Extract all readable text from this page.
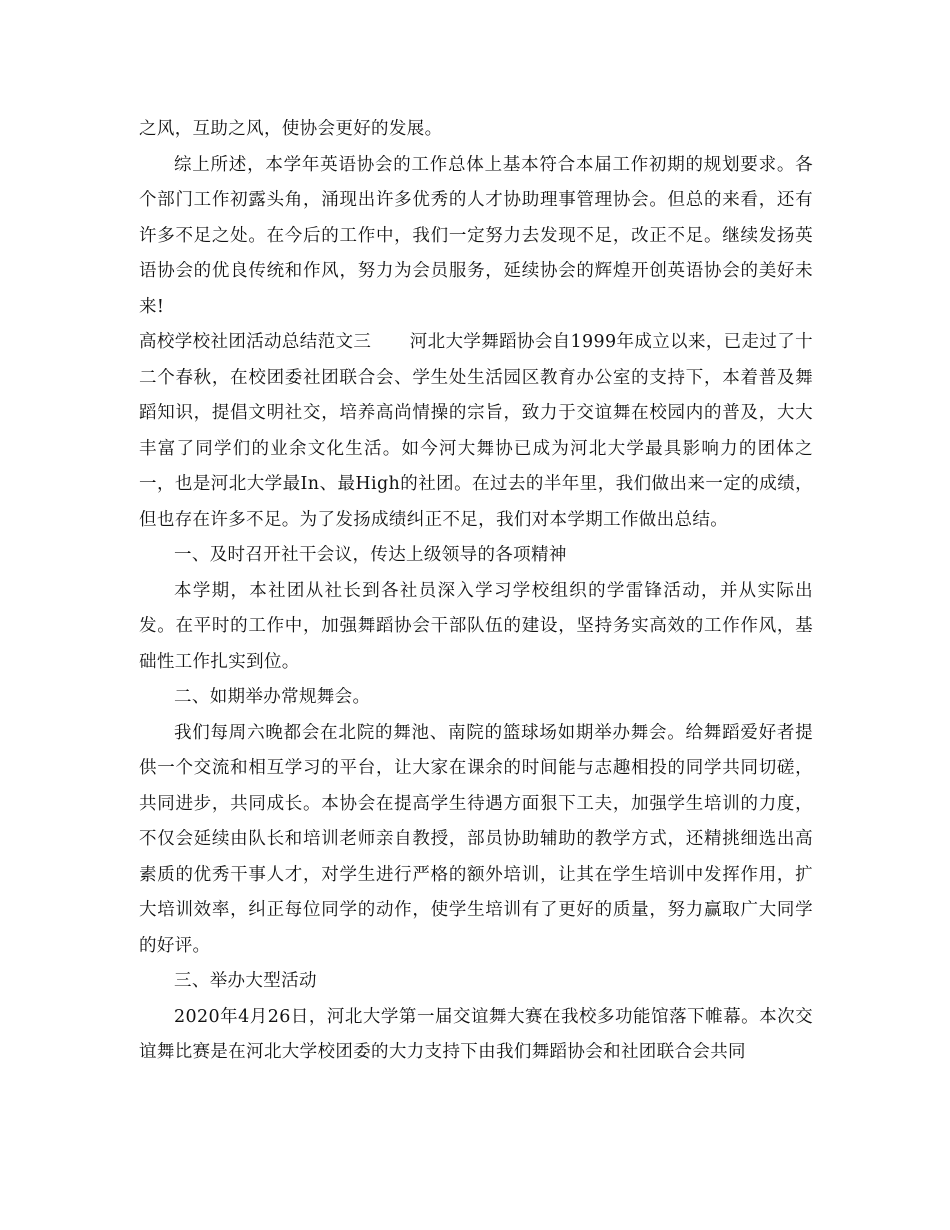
之风，互助之风，使协会更好的发展。

综上所述，本学年英语协会的工作总体上基本符合本届工作初期的规划要求。各个部门工作初露头角，涌现出许多优秀的人才协助理事管理协会。但总的来看，还有许多不足之处。在今后的工作中，我们一定努力去发现不足，改正不足。继续发扬英语协会的优良传统和作风，努力为会员服务，延续协会的辉煌开创英语协会的美好未来!

高校学校社团活动总结范文三 河北大学舞蹈协会自1999年成立以来，已走过了十二个春秋，在校团委社团联合会、学生处生活园区教育办公室的支持下，本着普及舞蹈知识，提倡文明社交，培养高尚情操的宗旨，致力于交谊舞在校园内的普及，大大丰富了同学们的业余文化生活。如今河大舞协已成为河北大学最具影响力的团体之一，也是河北大学最In、最High的社团。在过去的半年里，我们做出来一定的成绩，但也存在许多不足。为了发扬成绩纠正不足，我们对本学期工作做出总结。

一、及时召开社干会议，传达上级领导的各项精神

本学期，本社团从社长到各社员深入学习学校组织的学雷锋活动，并从实际出发。在平时的工作中，加强舞蹈协会干部队伍的建设，坚持务实高效的工作作风，基础性工作扎实到位。

二、如期举办常规舞会。

我们每周六晚都会在北院的舞池、南院的篮球场如期举办舞会。给舞蹈爱好者提供一个交流和相互学习的平台，让大家在课余的时间能与志趣相投的同学共同切磋，共同进步，共同成长。本协会在提高学生待遇方面狠下工夫，加强学生培训的力度，不仅会延续由队长和培训老师亲自教授，部员协助辅助的教学方式，还精挑细选出高素质的优秀干事人才，对学生进行严格的额外培训，让其在学生培训中发挥作用，扩大培训效率，纠正每位同学的动作，使学生培训有了更好的质量，努力赢取广大同学的好评。

三、举办大型活动

2020年4月26日，河北大学第一届交谊舞大赛在我校多功能馆落下帷幕。本次交谊舞比赛是在河北大学校团委的大力支持下由我们舞蹈协会和社团联合会共同
